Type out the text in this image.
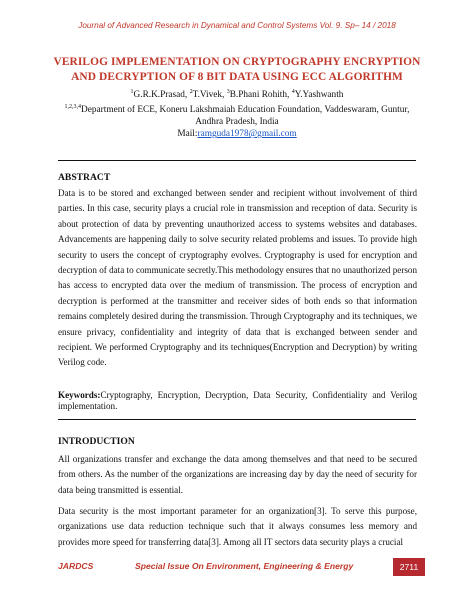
Journal of Advanced Research in Dynamical and Control Systems Vol. 9. Sp– 14 / 2018
VERILOG IMPLEMENTATION ON CRYPTOGRAPHY ENCRYPTION
AND DECRYPTION OF 8 BIT DATA USING ECC ALGORITHM
$^1$G.R.K.Prasad, $^2$T.Vivek, $^3$B.Phani Rohith, $^4$Y.Yashwanth
$^{1,2,3,4}$Department of ECE, Koneru Lakshmaiah Education Foundation, Vaddeswaram, Guntur,
Andhra Pradesh, India
Mail:ramguda1978@gmail.com
ABSTRACT

Data is to be stored and exchanged between sender and recipient without involvement of third parties. In this case, security plays a crucial role in transmission and reception of data. Security is about protection of data by preventing unauthorized access to systems websites and databases. Advancements are happening daily to solve security related problems and issues. To provide high security to users the concept of cryptography evolves. Cryptography is used for encryption and decryption of data to communicate secretly.This methodology ensures that no unauthorized person has access to encrypted data over the medium of transmission. The process of encryption and decryption is performed at the transmitter and receiver sides of both ends so that information remains completely desired during the transmission. Through Cryptography and its techniques, we ensure privacy, confidentiality and integrity of data that is exchanged between sender and recipient. We performed Cryptography and its techniques(Encryption and Decryption) by writing Verilog code.

Keywords:Cryptography, Encryption, Decryption, Data Security, Confidentiality and Verilog implementation.
INTRODUCTION

All organizations transfer and exchange the data among themselves and that need to be secured from others. As the number of the organizations are increasing day by day the need of security for data being transmitted is essential.

Data security is the most important parameter for an organization[3]. To serve this purpose, organizations use data reduction technique such that it always consumes less memory and provides more speed for transferring data[3]. Among all IT sectors data security plays a crucial

JARDCS	Special Issue On Environment, Engineering & Energy	2711
